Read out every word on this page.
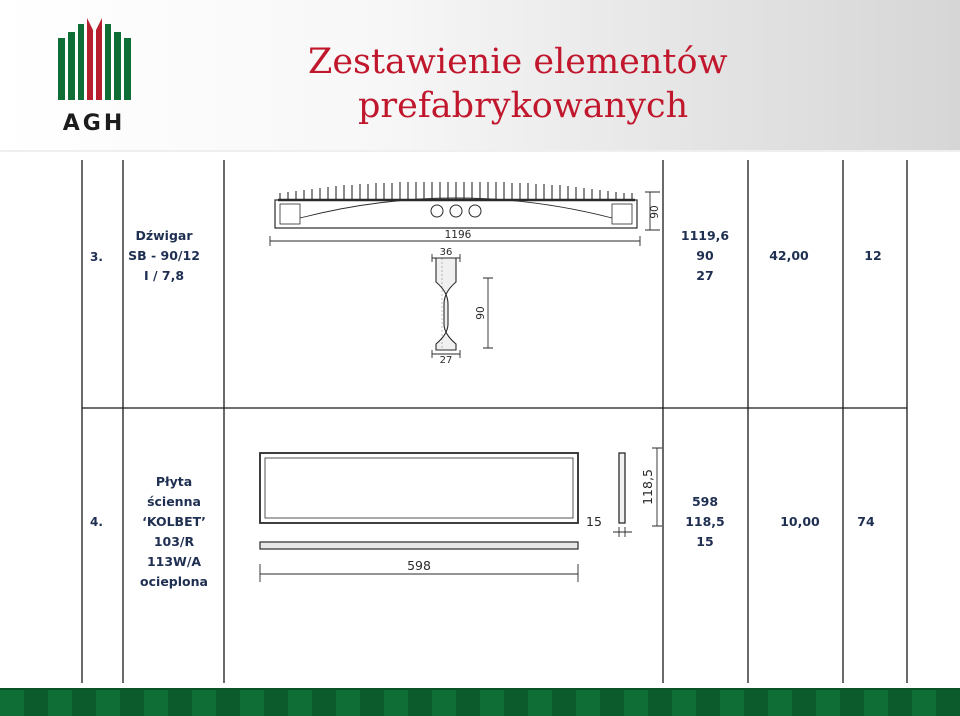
AGH
Zestawienie elementów
prefabrykowanych
3.
Dźwigar
SB - 90/12
I / 7,8
1196
90
36
27
90
1119,6
90
27
42,00	12
4.
Płyta
ścienna
‘KOLBET’
103/R
113W/A
ocieplona
598
118,5
15
598
118,5
15
10,00	74
